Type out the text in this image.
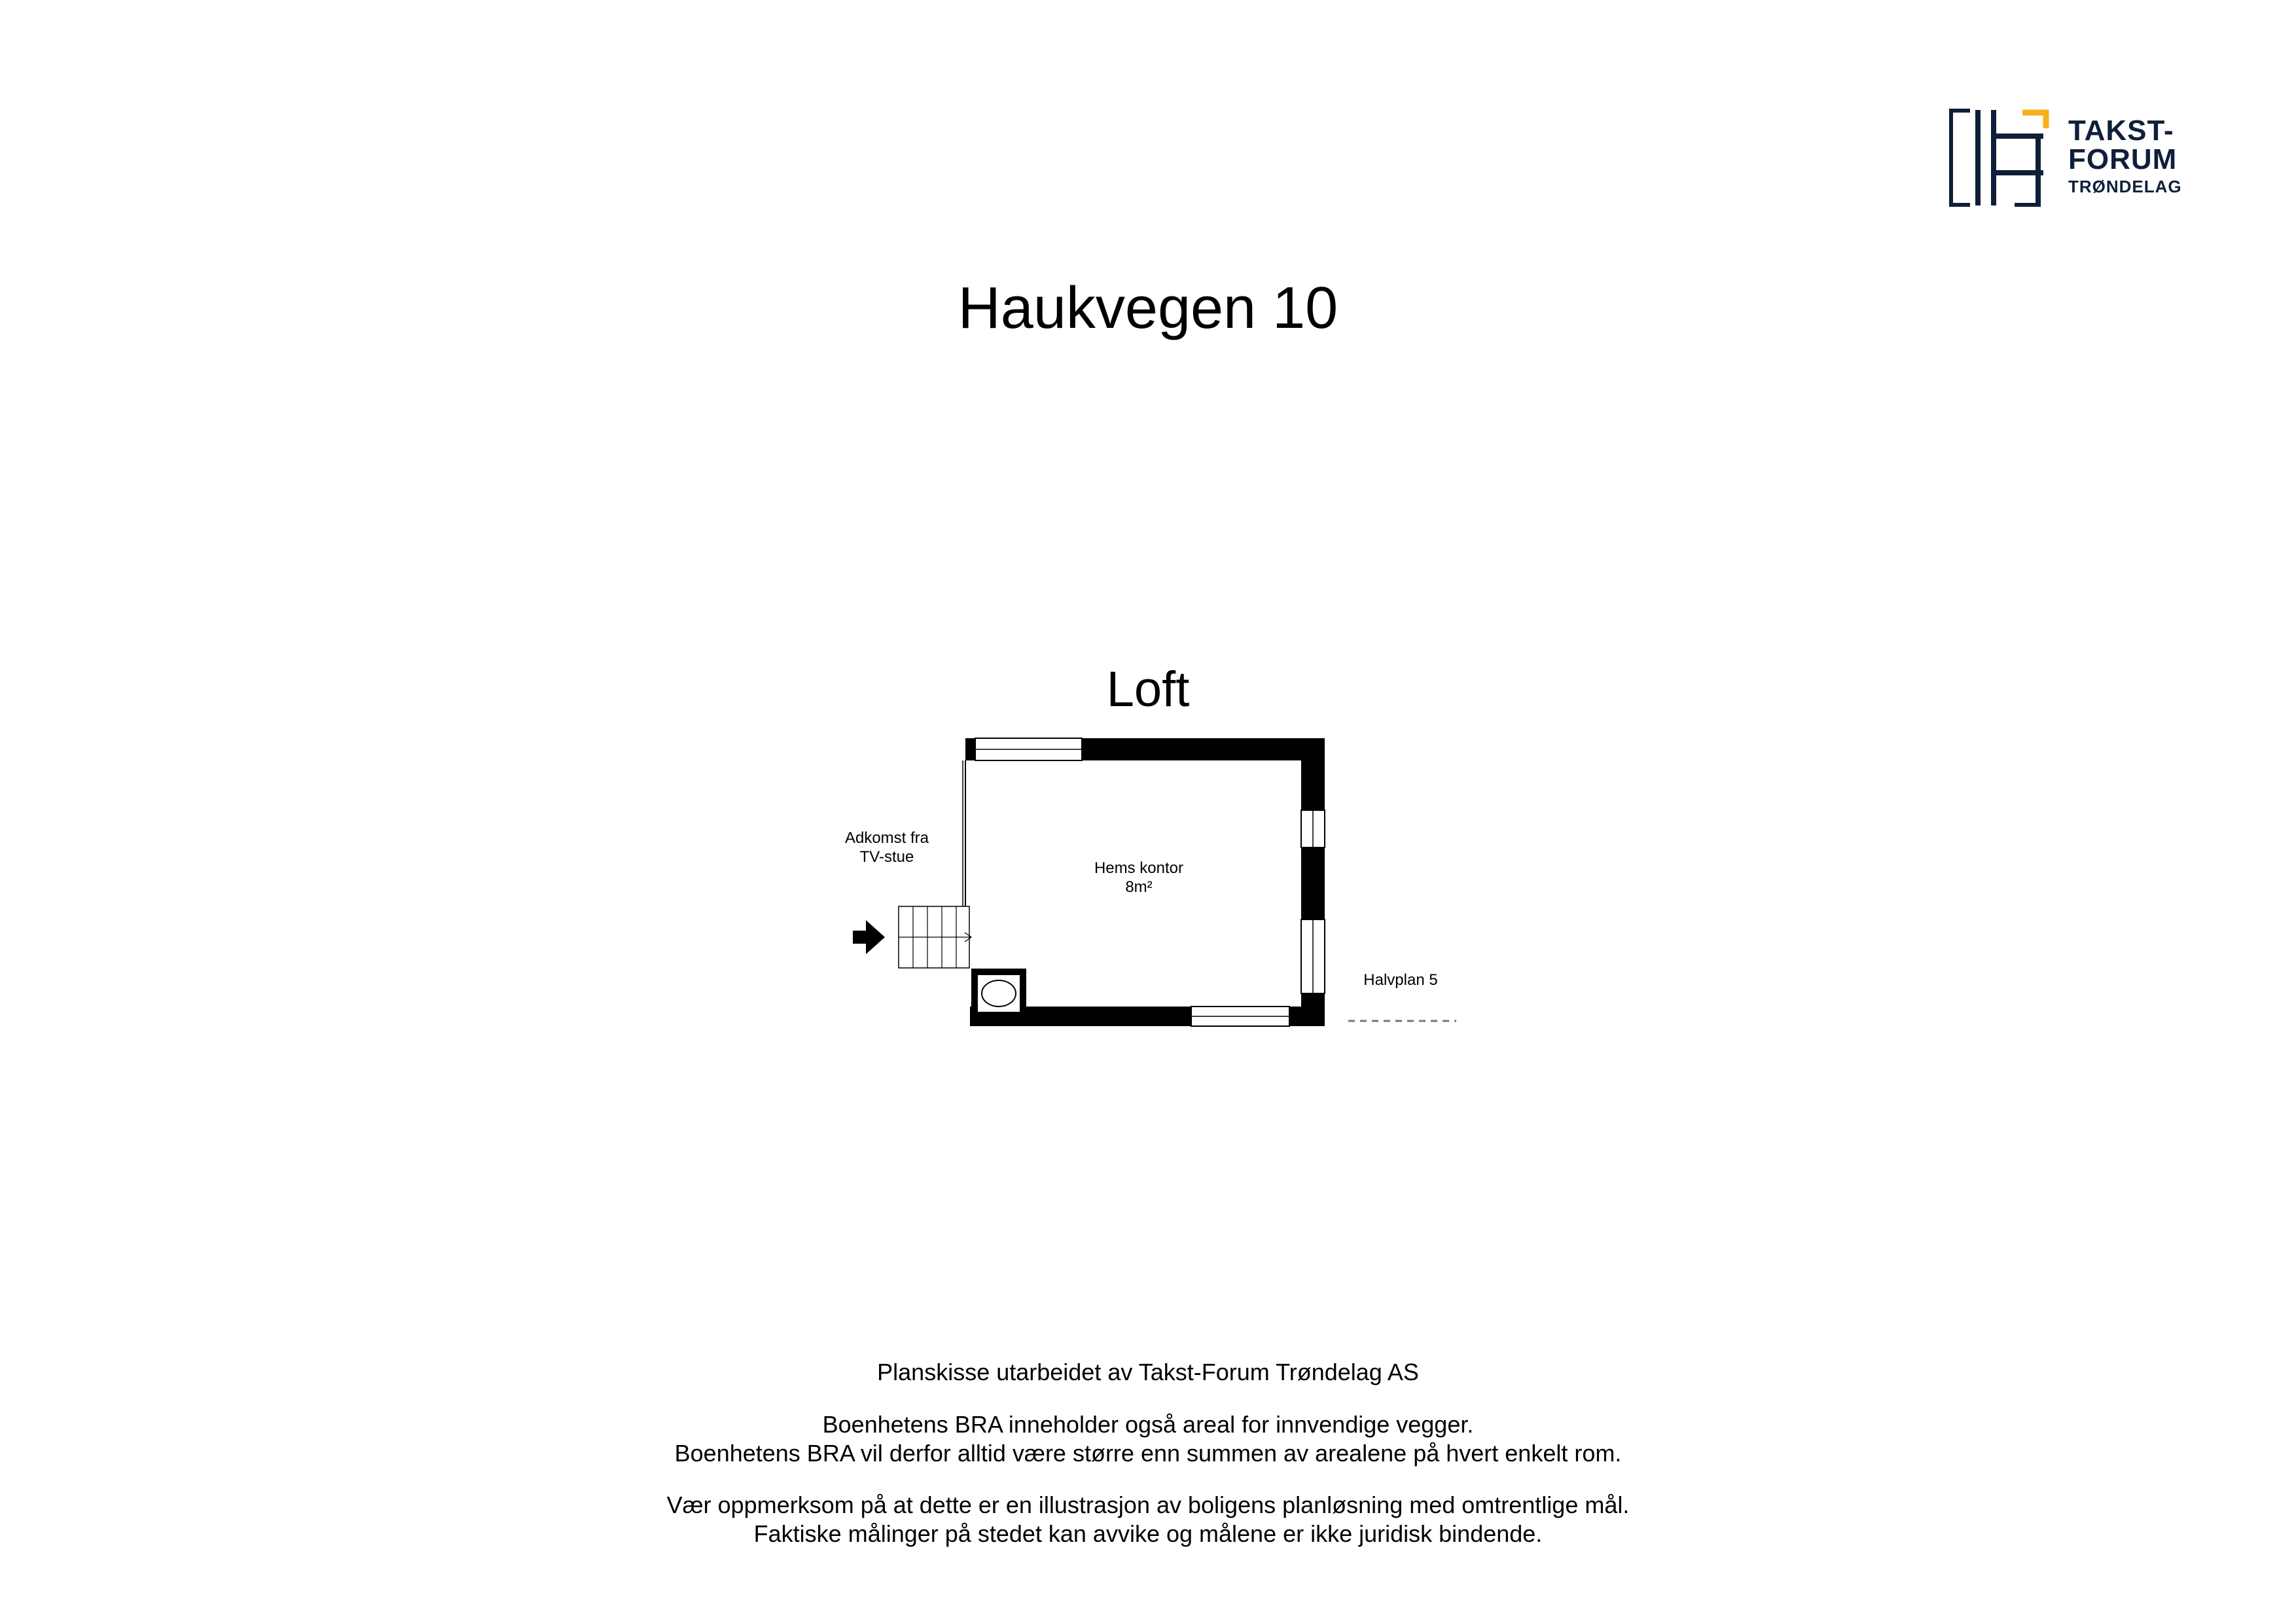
TAKST-
FORUM
TRØNDELAG
Haukvegen 10
Loft
Hems kontor
8m²
Adkomst fra
TV-stue
Halvplan 5
Planskisse utarbeidet av Takst-Forum Trøndelag AS
Boenhetens BRA inneholder også areal for innvendige vegger.
Boenhetens BRA vil derfor alltid være større enn summen av arealene på hvert enkelt rom.
Vær oppmerksom på at dette er en illustrasjon av boligens planløsning med omtrentlige mål.
Faktiske målinger på stedet kan avvike og målene er ikke juridisk bindende.
